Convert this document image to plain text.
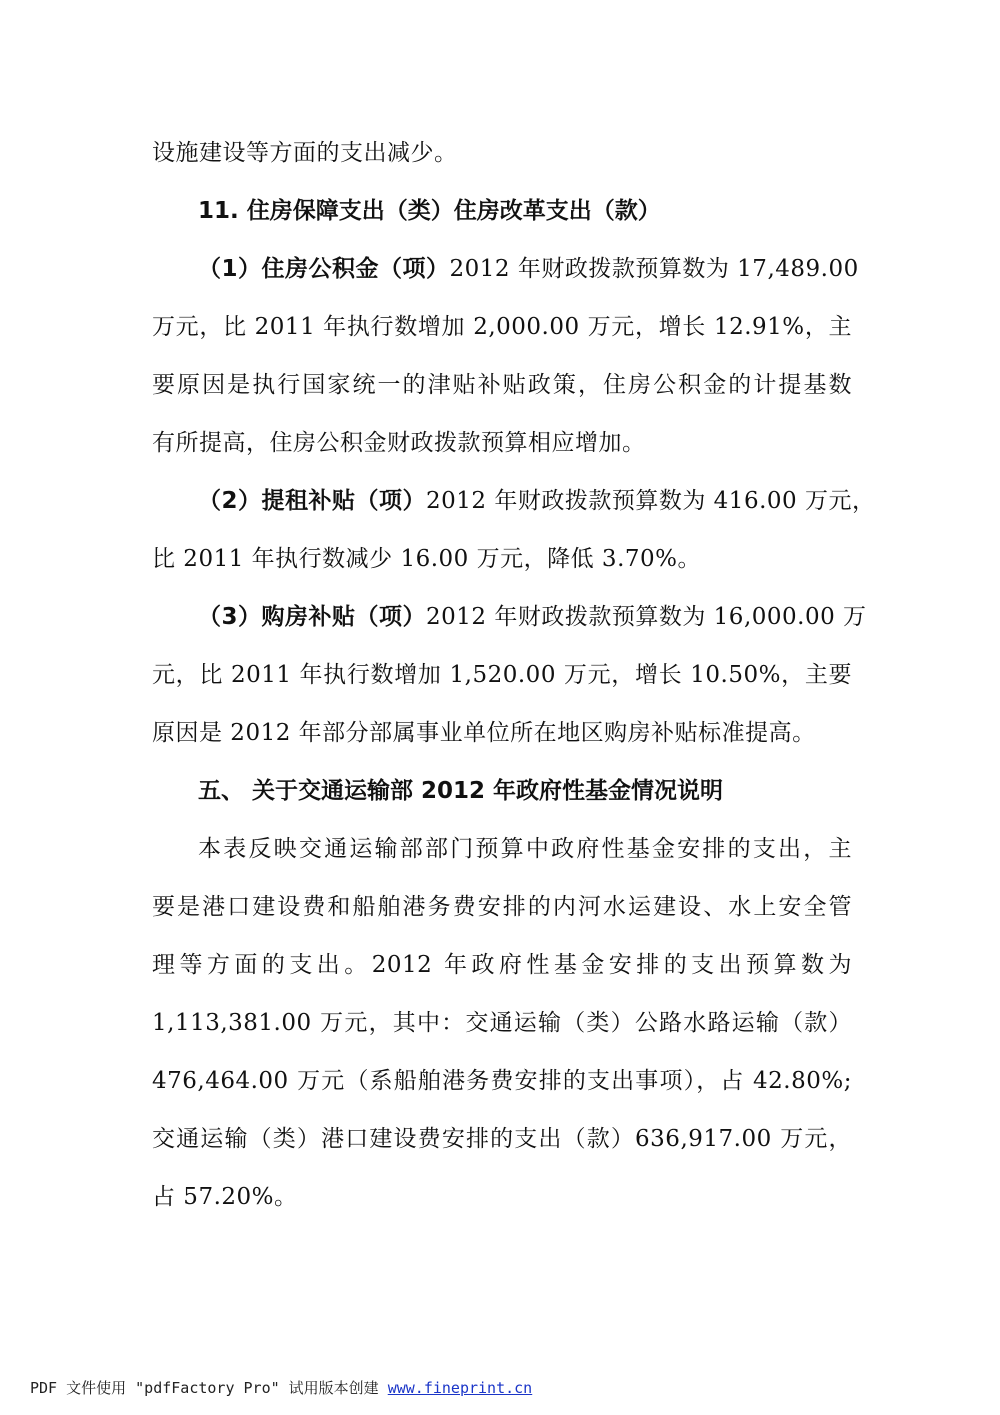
设施建设等方面的支出减少。
11. 住房保障支出（类）住房改革支出（款）
（1）住房公积金（项）2012 年财政拨款预算数为 17,489.00
万元，比 2011 年执行数增加 2,000.00 万元，增长 12.91%，主
要原因是执行国家统一的津贴补贴政策，住房公积金的计提基数
有所提高，住房公积金财政拨款预算相应增加。
（2）提租补贴（项）2012 年财政拨款预算数为 416.00 万元，
比 2011 年执行数减少 16.00 万元，降低 3.70%。
（3）购房补贴（项）2012 年财政拨款预算数为 16,000.00 万
元，比 2011 年执行数增加 1,520.00 万元，增长 10.50%，主要
原因是 2012 年部分部属事业单位所在地区购房补贴标准提高。
五、 关于交通运输部 2012 年政府性基金情况说明
本表反映交通运输部部门预算中政府性基金安排的支出，主
要是港口建设费和船舶港务费安排的内河水运建设、水上安全管
理等方面的支出。2012 年政府性基金安排的支出预算数为
1,113,381.00 万元，其中：交通运输（类）公路水路运输（款）
476,464.00 万元（系船舶港务费安排的支出事项），占 42.80%;
交通运输（类）港口建设费安排的支出（款）636,917.00 万元，
占 57.20%。
PDF 文件使用 "pdfFactory Pro" 试用版本创建 www.fineprint.cn
